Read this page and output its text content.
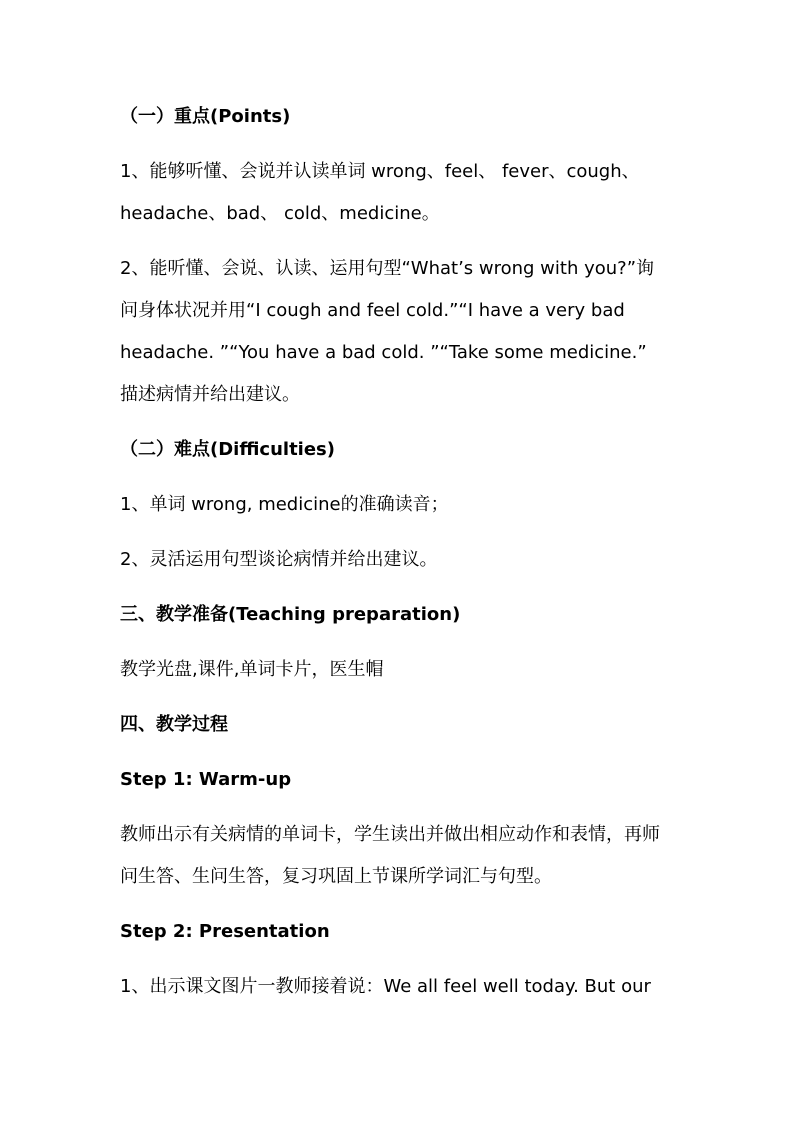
（一）重点(Points)
1、能够听懂、会说并认读单词 wrong、feel、 fever、cough、
headache、bad、 cold、medicine。
2、能听懂、会说、认读、运用句型“What’s wrong with you?”询
问身体状况并用“I cough and feel cold.”“I have a very bad
headache. ”“You have a bad cold. ”“Take some medicine.”
描述病情并给出建议。
（二）难点(Difficulties)
1、单词 wrong, medicine的准确读音；
2、灵活运用句型谈论病情并给出建议。
三、教学准备(Teaching preparation)
教学光盘,课件,单词卡片，医生帽
四、教学过程
Step 1: Warm-up
教师出示有关病情的单词卡，学生读出并做出相应动作和表情，再师
问生答、生问生答，复习巩固上节课所学词汇与句型。
Step 2: Presentation
1、出示课文图片一教师接着说：We all feel well today. But our
